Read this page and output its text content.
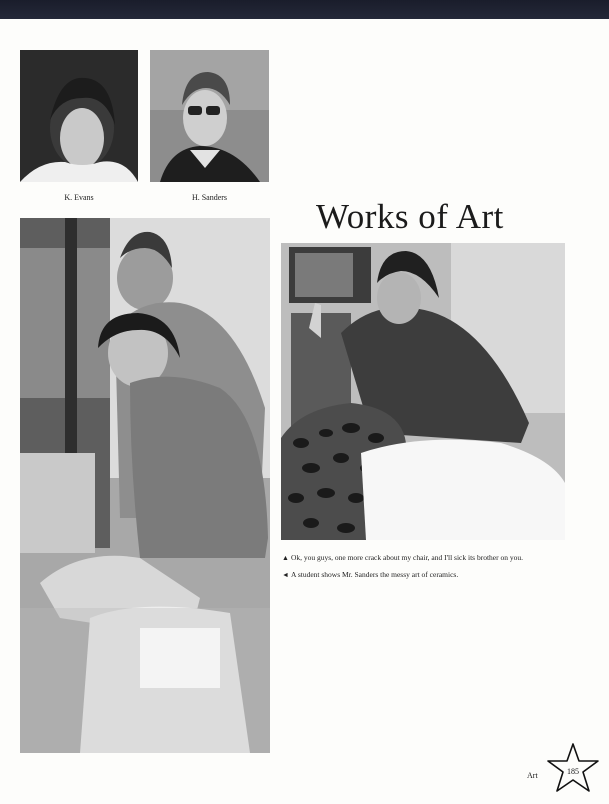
K. Evans	H. Sanders	Works of Art
▲ Ok, you guys, one more crack about my chair, and I'll sick its brother on you.
◄ A student shows Mr. Sanders the messy art of ceramics.
Art	185
